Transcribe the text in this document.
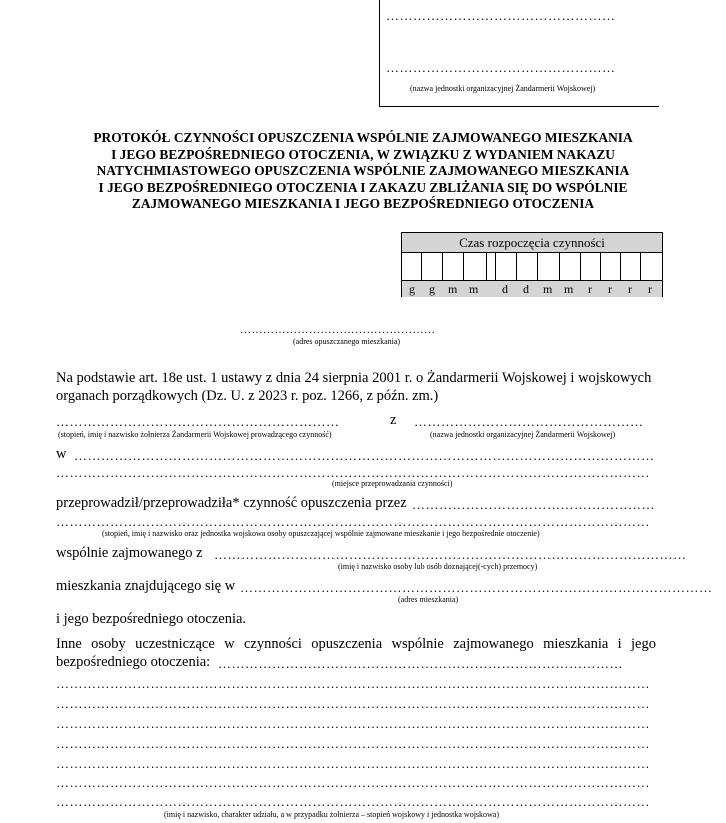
……………………………………………
……………………………………………
(nazwa jednostki organizacyjnej Żandarmerii Wojskowej)
PROTOKÓŁ CZYNNOŚCI OPUSZCZENIA WSPÓLNIE ZAJMOWANEGO MIESZKANIA
I JEGO BEZPOŚREDNIEGO OTOCZENIA, W ZWIĄZKU Z WYDANIEM NAKAZU
NATYCHMIASTOWEGO OPUSZCZENIA WSPÓLNIE ZAJMOWANEGO MIESZKANIA
I JEGO BEZPOŚREDNIEGO OTOCZENIA I ZAKAZU ZBLIŻANIA SIĘ DO WSPÓLNIE
ZAJMOWANEGO MIESZKANIA I JEGO BEZPOŚREDNIEGO OTOCZENIA
Czas rozpoczęcia czynności
g g m m d d m m r r r r
……………………………………………
(adres opuszczanego mieszkania)
Na podstawie art. 18e ust. 1 ustawy z dnia 24 sierpnia 2001 r. o Żandarmerii Wojskowej i wojskowych
organach porządkowych (Dz. U. z 2023 r. poz. 1266, z późn. zm.)
………………………………………………………	z ……………………………………………
(stopień, imię i nazwisko żołnierza Żandarmerii Wojskowej prowadzącego czynność)	(nazwa jednostki organizacyjnej Żandarmerii Wojskowej)
w …………………………………………………………………………………………………………………
……………………………………………………………………………………………………………………
(miejsce przeprowadzania czynności)
przeprowadził/przeprowadziła* czynność opuszczenia przez ………………………………………………
……………………………………………………………………………………………………………………
(stopień, imię i nazwisko oraz jednostka wojskowa osoby opuszczającej wspólnie zajmowane mieszkanie i jego bezpośrednie otoczenie)
wspólnie zajmowanego z ……………………………………………………………………………………………
(imię i nazwisko osoby lub osób doznającej(-cych) przemocy)
mieszkania znajdującego się w ……………………………………………………………………………………………
(adres mieszkania)
i jego bezpośredniego otoczenia.
Inne osoby uczestniczące w czynności opuszczenia wspólnie zajmowanego mieszkania i jego
bezpośredniego otoczenia: ………………………………………………………………………………
……………………………………………………………………………………………………………………
……………………………………………………………………………………………………………………
……………………………………………………………………………………………………………………
……………………………………………………………………………………………………………………
……………………………………………………………………………………………………………………
……………………………………………………………………………………………………………………
……………………………………………………………………………………………………………………
(imię i nazwisko, charakter udziału, a w przypadku żołnierza – stopień wojskowy i jednostka wojskowa)
